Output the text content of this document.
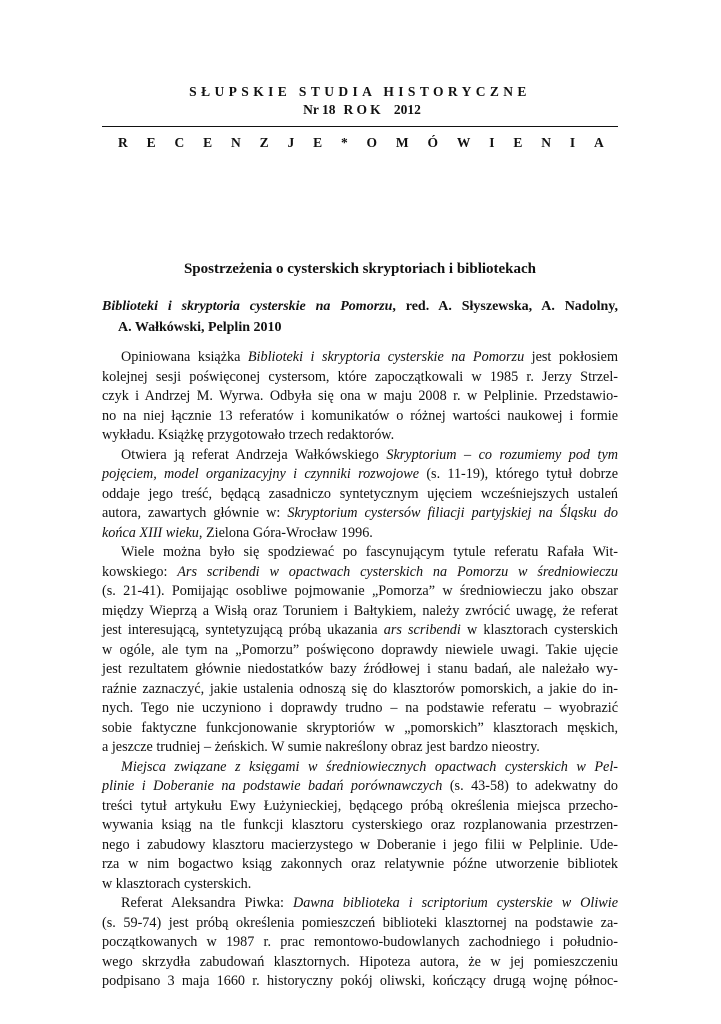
SŁUPSKIE STUDIA HISTORYCZNE
Nr 18 ROK 2012
R E C E N Z J E * O M Ó W I E N I A
Spostrzeżenia o cysterskich skryptoriach i bibliotekach
Biblioteki i skryptoria cysterskie na Pomorzu, red. A. Słyszewska, A. Nadolny,
A. Wałkówski, Pelplin 2010
Opiniowana książka Biblioteki i skryptoria cysterskie na Pomorzu jest pokłosiem
kolejnej sesji poświęconej cystersom, które zapoczątkowali w 1985 r. Jerzy Strzel-
czyk i Andrzej M. Wyrwa. Odbyła się ona w maju 2008 r. w Pelplinie. Przedstawio-
no na niej łącznie 13 referatów i komunikatów o różnej wartości naukowej i formie
wykładu. Książkę przygotowało trzech redaktorów.
Otwiera ją referat Andrzeja Wałkówskiego Skryptorium – co rozumiemy pod tym
pojęciem, model organizacyjny i czynniki rozwojowe (s. 11-19), którego tytuł dobrze
oddaje jego treść, będącą zasadniczo syntetycznym ujęciem wcześniejszych ustaleń
autora, zawartych głównie w: Skryptorium cystersów filiacji partyjskiej na Śląsku do
końca XIII wieku, Zielona Góra-Wrocław 1996.
Wiele można było się spodziewać po fascynującym tytule referatu Rafała Wit-
kowskiego: Ars scribendi w opactwach cysterskich na Pomorzu w średniowieczu
(s. 21-41). Pomijając osobliwe pojmowanie „Pomorza” w średniowieczu jako obszar
między Wieprzą a Wisłą oraz Toruniem i Bałtykiem, należy zwrócić uwagę, że referat
jest interesującą, syntetyzującą próbą ukazania ars scribendi w klasztorach cysterskich
w ogóle, ale tym na „Pomorzu” poświęcono doprawdy niewiele uwagi. Takie ujęcie
jest rezultatem głównie niedostatków bazy źródłowej i stanu badań, ale należało wy-
raźnie zaznaczyć, jakie ustalenia odnoszą się do klasztorów pomorskich, a jakie do in-
nych. Tego nie uczyniono i doprawdy trudno – na podstawie referatu – wyobrazić
sobie faktyczne funkcjonowanie skryptoriów w „pomorskich” klasztorach męskich,
a jeszcze trudniej – żeńskich. W sumie nakreślony obraz jest bardzo nieostry.
Miejsca związane z księgami w średniowiecznych opactwach cysterskich w Pel-
plinie i Doberanie na podstawie badań porównawczych (s. 43-58) to adekwatny do
treści tytuł artykułu Ewy Łużynieckiej, będącego próbą określenia miejsca przecho-
wywania ksiąg na tle funkcji klasztoru cysterskiego oraz rozplanowania przestrzen-
nego i zabudowy klasztoru macierzystego w Doberanie i jego filii w Pelplinie. Ude-
rza w nim bogactwo ksiąg zakonnych oraz relatywnie późne utworzenie bibliotek
w klasztorach cysterskich.
Referat Aleksandra Piwka: Dawna biblioteka i scriptorium cysterskie w Oliwie
(s. 59-74) jest próbą określenia pomieszczeń biblioteki klasztornej na podstawie za-
początkowanych w 1987 r. prac remontowo-budowlanych zachodniego i południo-
wego skrzydła zabudowań klasztornych. Hipoteza autora, że w jej pomieszczeniu
podpisano 3 maja 1660 r. historyczny pokój oliwski, kończący drugą wojnę północ-
